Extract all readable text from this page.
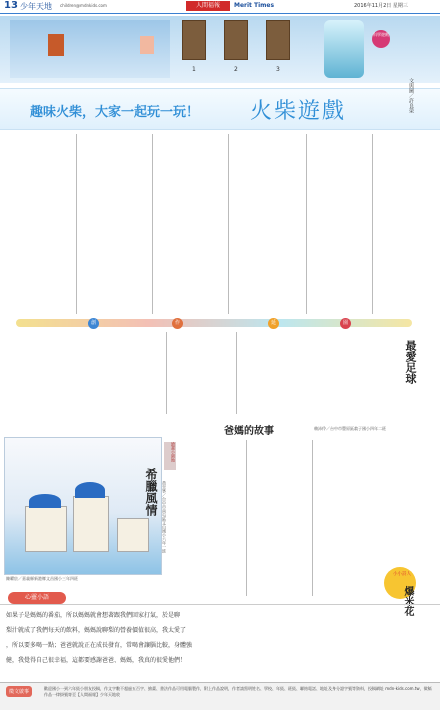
13 少年天地 children@mdnkids.com	人間福報	Merit Times	2016年11月2日 星期三
1	2	3
科學遊戲
趣味火柴，大家一起玩一玩！ 火柴遊戲	文與圖／許良榮
創	作	延	園
最愛足球
爸媽的故事	賴沛伶／台中市豐原區翁子國小四年二班
繪畫小園地
希臘風情	黃至箏／台中市南屯區文山國小六年一班
陳曜宸／嘉義縣新港鄉文昌國小三年四班
小小詩人
爆米花
心靈小語
如果子是媽媽的番茄，所以媽媽就會想著跟我們回家打氣，於是聊
梨汁就成了我們每天的飲料，媽媽說聊梨的營養價值很高，我太愛了
，所以要多喝一點；爸爸就說正在成長發育，常喝會讓腦比較，身體強
健，我覺得自己很幸福，這都要感謝爸爸、媽媽，我真的很愛他們！
徵文啟事
歡迎國小一到六年級小朋友投稿，作文字數不超過五百字、繪畫、書法作品可用電腦製作，附上作品說明，作者請寫明姓名、學校、年級、班級、聯絡電話、地址及身分證字號等資料，投稿網址 mdn-kids.com.tw，徵稿作品一律掛號寄至【人間福報】少年天地收
